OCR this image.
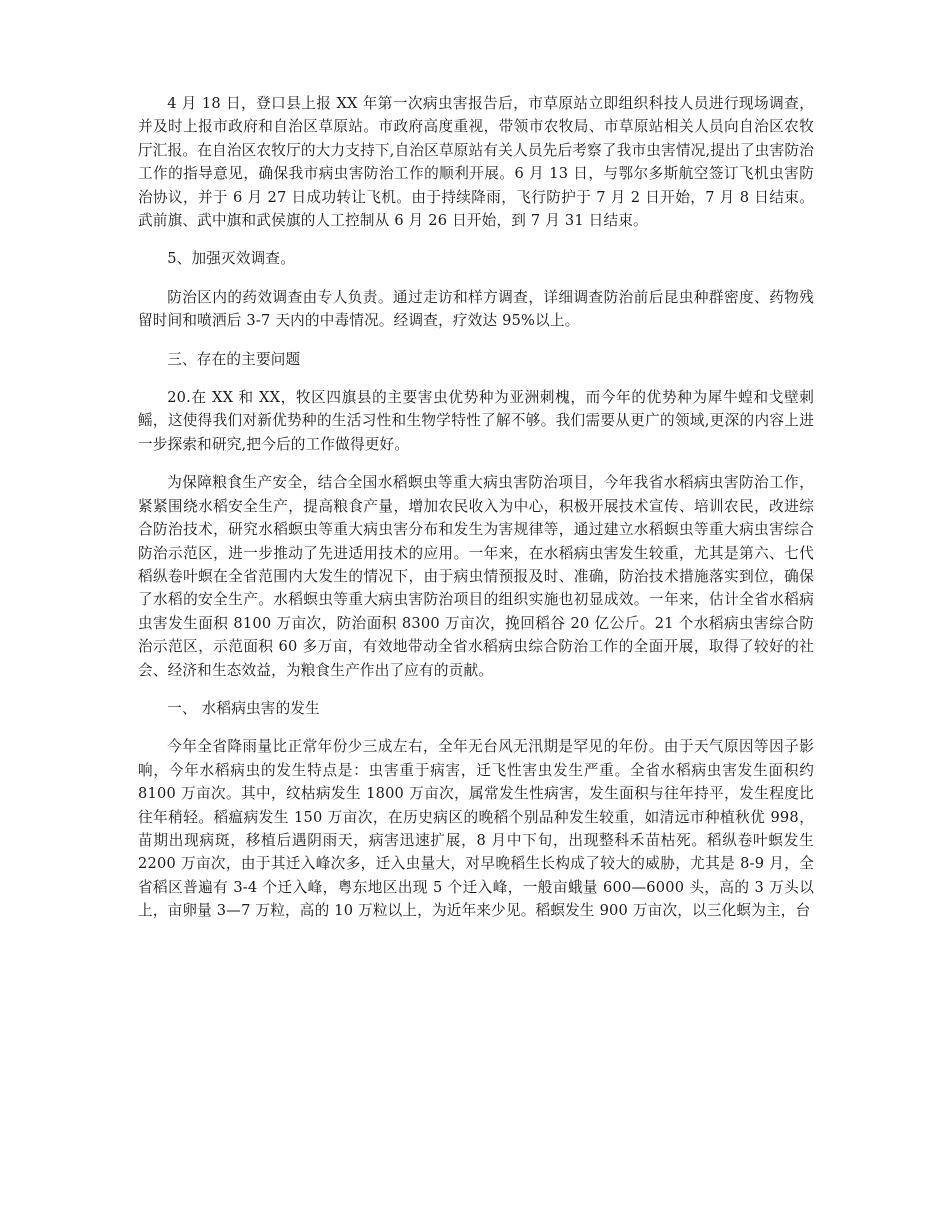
4 月 18 日，登口县上报 XX 年第一次病虫害报告后，市草原站立即组织科技人员进行现场调查，并及时上报市政府和自治区草原站。市政府高度重视，带领市农牧局、市草原站相关人员向自治区农牧厅汇报。在自治区农牧厅的大力支持下,自治区草原站有关人员先后考察了我市虫害情况,提出了虫害防治工作的指导意见，确保我市病虫害防治工作的顺利开展。6 月 13 日，与鄂尔多斯航空签订飞机虫害防治协议，并于 6 月 27 日成功转让飞机。由于持续降雨，飞行防护于 7 月 2 日开始，7 月 8 日结束。武前旗、武中旗和武侯旗的人工控制从 6 月 26 日开始，到 7 月 31 日结束。

5、加强灭效调查。

防治区内的药效调查由专人负责。通过走访和样方调查，详细调查防治前后昆虫种群密度、药物残留时间和喷洒后 3-7 天内的中毒情况。经调查，疗效达 95%以上。

三、存在的主要问题

20.在 XX 和 XX，牧区四旗县的主要害虫优势种为亚洲刺槐，而今年的优势种为犀牛蝗和戈壁刺鳐，这使得我们对新优势种的生活习性和生物学特性了解不够。我们需要从更广的领域,更深的内容上进一步探索和研究,把今后的工作做得更好。

为保障粮食生产安全，结合全国水稻螟虫等重大病虫害防治项目，今年我省水稻病虫害防治工作，紧紧围绕水稻安全生产，提高粮食产量，增加农民收入为中心，积极开展技术宣传、培训农民，改进综合防治技术，研究水稻螟虫等重大病虫害分布和发生为害规律等，通过建立水稻螟虫等重大病虫害综合防治示范区，进一步推动了先进适用技术的应用。一年来，在水稻病虫害发生较重，尤其是第六、七代稻纵卷叶螟在全省范围内大发生的情况下，由于病虫情预报及时、准确，防治技术措施落实到位，确保了水稻的安全生产。水稻螟虫等重大病虫害防治项目的组织实施也初显成效。一年来，估计全省水稻病虫害发生面积 8100 万亩次，防治面积 8300 万亩次，挽回稻谷 20 亿公斤。21 个水稻病虫害综合防治示范区，示范面积 60 多万亩，有效地带动全省水稻病虫综合防治工作的全面开展，取得了较好的社会、经济和生态效益，为粮食生产作出了应有的贡献。

一、 水稻病虫害的发生

今年全省降雨量比正常年份少三成左右，全年无台风无汛期是罕见的年份。由于天气原因等因子影响，今年水稻病虫的发生特点是：虫害重于病害，迁飞性害虫发生严重。全省水稻病虫害发生面积约 8100 万亩次。其中，纹枯病发生 1800 万亩次，属常发生性病害，发生面积与往年持平，发生程度比往年稍轻。稻瘟病发生 150 万亩次，在历史病区的晚稻个别品种发生较重，如清远市种植秋优 998，苗期出现病斑，移植后遇阴雨天，病害迅速扩展，8 月中下旬，出现整科禾苗枯死。稻纵卷叶螟发生 2200 万亩次，由于其迁入峰次多，迁入虫量大，对早晚稻生长构成了较大的威胁，尤其是 8-9 月，全省稻区普遍有 3-4 个迁入峰，粤东地区出现 5 个迁入峰，一般亩蛾量 600—6000 头，高的 3 万头以上，亩卵量 3—7 万粒，高的 10 万粒以上，为近年来少见。稻螟发生 900 万亩次，以三化螟为主，台
